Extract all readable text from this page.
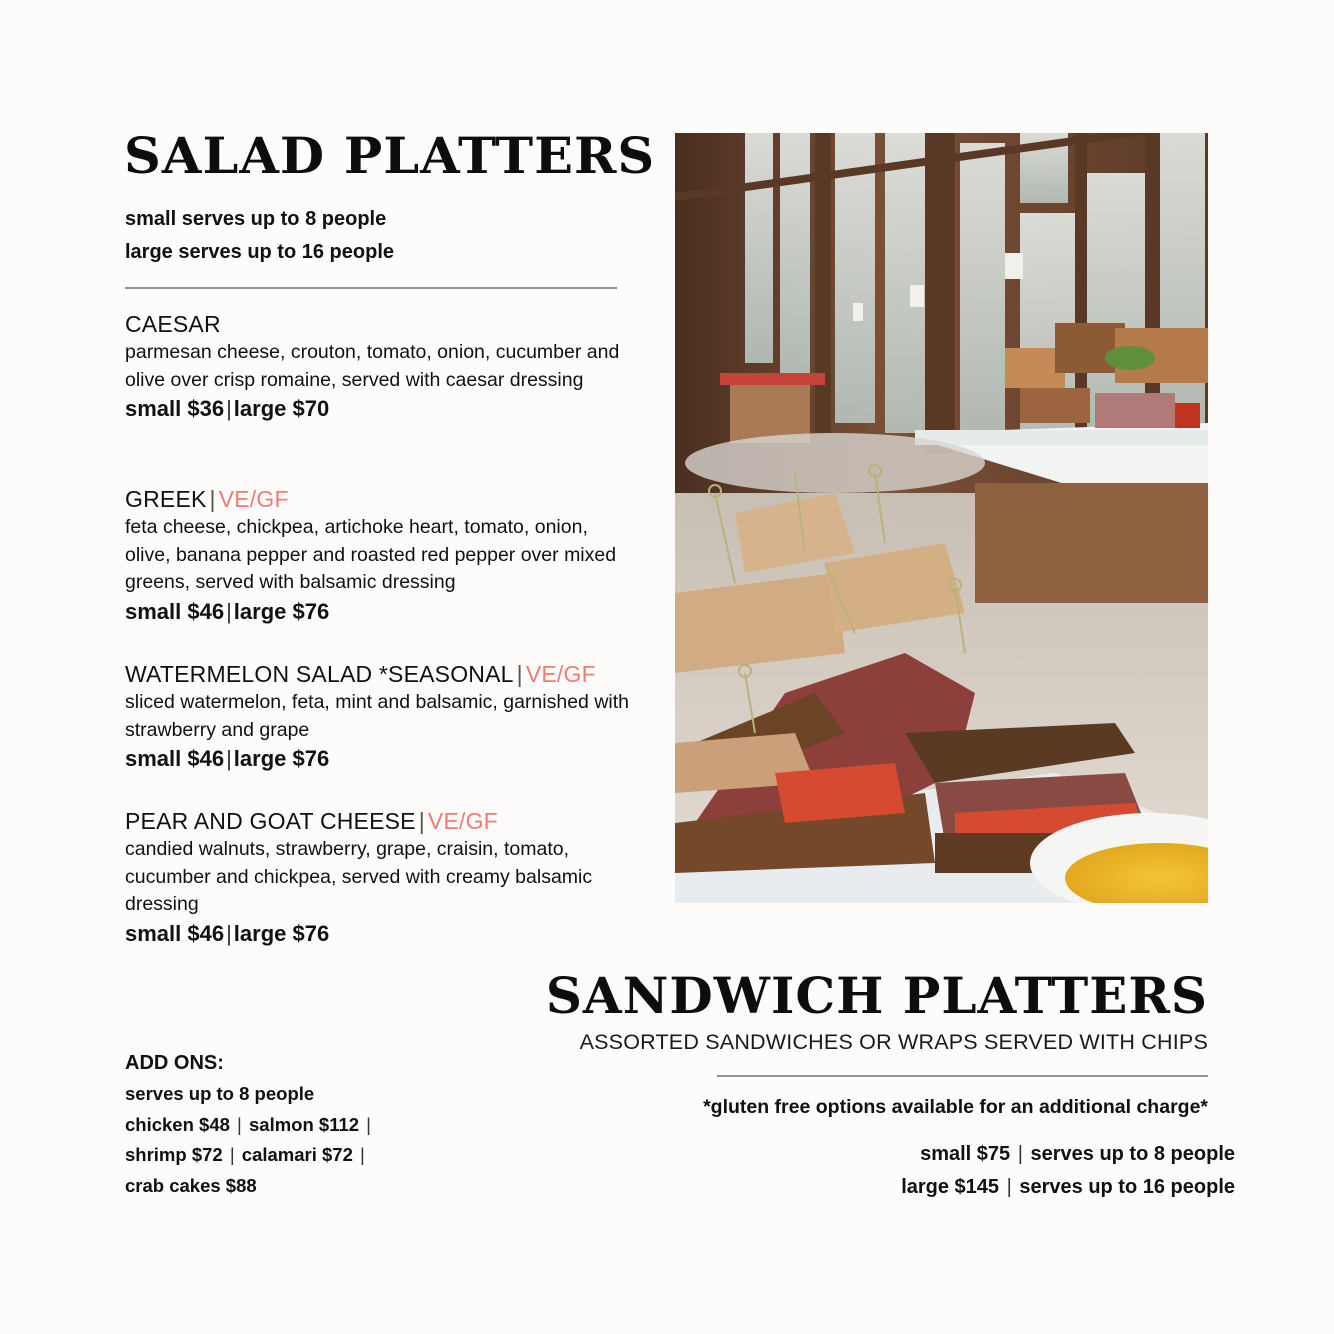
SALAD PLATTERS
small serves up to 8 people
large serves up to 16 people
CAESAR
parmesan cheese, crouton, tomato, onion, cucumber and olive over crisp romaine, served with caesar dressing
small $36|large $70
GREEK | VE/GF
feta cheese, chickpea, artichoke heart, tomato, onion, olive, banana pepper and roasted red pepper over mixed greens, served with balsamic dressing
small $46|large $76
WATERMELON SALAD *SEASONAL | VE/GF
sliced watermelon, feta, mint and balsamic, garnished with strawberry and grape
small $46|large $76
PEAR AND GOAT CHEESE | VE/GF
candied walnuts, strawberry, grape, craisin, tomato, cucumber and chickpea, served with creamy balsamic dressing
small $46|large $76
ADD ONS:
serves up to 8 people
chicken $48 | salmon $112 |
shrimp $72 | calamari $72 |
crab cakes $88
SANDWICH PLATTERS
ASSORTED SANDWICHES OR WRAPS SERVED WITH CHIPS
*gluten free options available for an additional charge*
small $75 | serves up to 8 people
large $145 | serves up to 16 people
